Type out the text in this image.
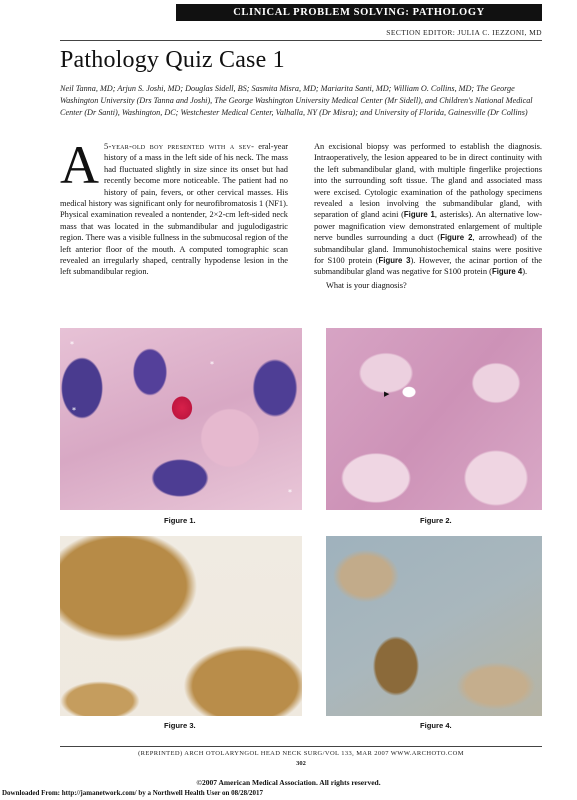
CLINICAL PROBLEM SOLVING: PATHOLOGY
SECTION EDITOR: JULIA C. IEZZONI, MD
Pathology Quiz Case 1
Neil Tanna, MD; Arjun S. Joshi, MD; Douglas Sidell, BS; Sasmita Misra, MD; Mariarita Santi, MD; William O. Collins, MD; The George Washington University (Drs Tanna and Joshi), The George Washington University Medical Center (Mr Sidell), and Children's National Medical Center (Dr Santi), Washington, DC; Westchester Medical Center, Valhalla, NY (Dr Misra); and University of Florida, Gainesville (Dr Collins)
A 5-year-old boy presented with a sev- eral-year history of a mass in the left side of his neck. The mass had fluctuated slightly in size since its onset but had recently become more noticeable. The patient had no history of pain, fevers, or other cervical masses. His medical history was significant only for neurofibromatosis 1 (NF1). Physical examination revealed a nontender, 2×2-cm left-sided neck mass that was located in the submandibular and jugulodigastric region. There was a visible fullness in the submucosal region of the left anterior floor of the mouth. A computed tomographic scan revealed an irregularly shaped, centrally hypodense lesion in the left submandibular region.
An excisional biopsy was performed to establish the diagnosis. Intraoperatively, the lesion appeared to be in direct continuity with the left submandibular gland, with multiple fingerlike projections into the surrounding soft tissue. The gland and associated mass were excised. Cytologic examination of the pathology specimens revealed a lesion involving the submandibular gland, with separation of gland acini (Figure 1, asterisks). An alternative low-power magnification view demonstrated enlargement of multiple nerve bundles surrounding a duct (Figure 2, arrowhead) of the submandibular gland. Immunohistochemical stains were positive for S100 protein (Figure 3). However, the acinar portion of the submandibular gland was negative for S100 protein (Figure 4).
What is your diagnosis?
*
*
*
*
▶
Figure 1.	Figure 2.
Figure 3.	Figure 4.
(REPRINTED) ARCH OTOLARYNGOL HEAD NECK SURG/VOL 133, MAR 2007 WWW.ARCHOTO.COM
302
©2007 American Medical Association. All rights reserved.
Downloaded From: http://jamanetwork.com/ by a Northwell Health User on 08/28/2017
